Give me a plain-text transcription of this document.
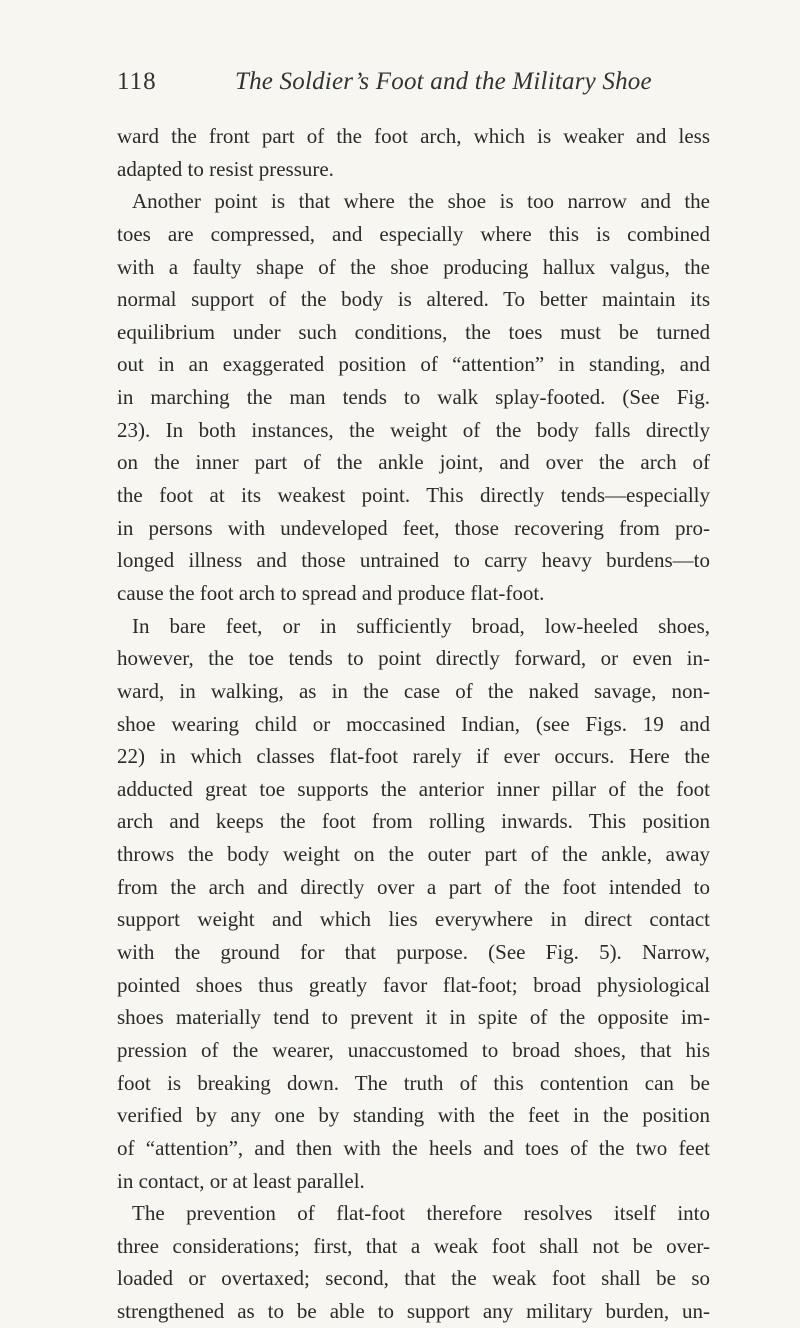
118	The Soldier’s Foot and the Military Shoe
ward the front part of the foot arch, which is weaker and less
adapted to resist pressure.
Another point is that where the shoe is too narrow and the
toes are compressed, and especially where this is combined
with a faulty shape of the shoe producing hallux valgus, the
normal support of the body is altered. To better maintain its
equilibrium under such conditions, the toes must be turned
out in an exaggerated position of “attention” in standing, and
in marching the man tends to walk splay-footed. (See Fig.
23). In both instances, the weight of the body falls directly
on the inner part of the ankle joint, and over the arch of
the foot at its weakest point. This directly tends—especially
in persons with undeveloped feet, those recovering from pro-
longed illness and those untrained to carry heavy burdens—to
cause the foot arch to spread and produce flat-foot.
In bare feet, or in sufficiently broad, low-heeled shoes,
however, the toe tends to point directly forward, or even in-
ward, in walking, as in the case of the naked savage, non-
shoe wearing child or moccasined Indian, (see Figs. 19 and
22) in which classes flat-foot rarely if ever occurs. Here the
adducted great toe supports the anterior inner pillar of the foot
arch and keeps the foot from rolling inwards. This position
throws the body weight on the outer part of the ankle, away
from the arch and directly over a part of the foot intended to
support weight and which lies everywhere in direct contact
with the ground for that purpose. (See Fig. 5). Narrow,
pointed shoes thus greatly favor flat-foot; broad physiological
shoes materially tend to prevent it in spite of the opposite im-
pression of the wearer, unaccustomed to broad shoes, that his
foot is breaking down. The truth of this contention can be
verified by any one by standing with the feet in the position
of “attention”, and then with the heels and toes of the two feet
in contact, or at least parallel.
The prevention of flat-foot therefore resolves itself into
three considerations; first, that a weak foot shall not be over-
loaded or overtaxed; second, that the weak foot shall be so
strengthened as to be able to support any military burden, un-
